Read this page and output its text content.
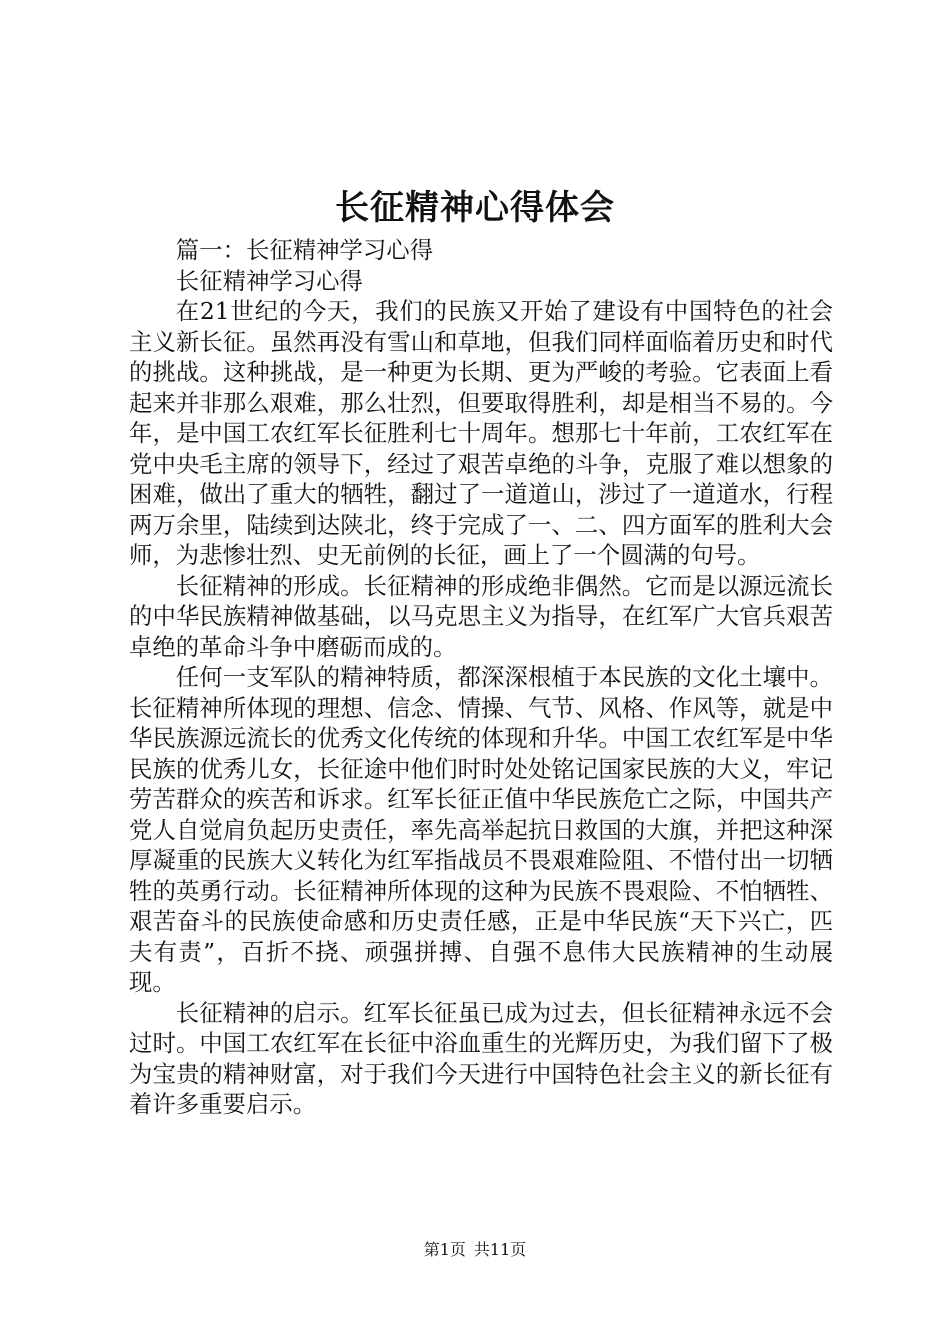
长征精神心得体会

篇一：长征精神学习心得

长征精神学习心得

在21世纪的今天，我们的民族又开始了建设有中国特色的社会主义新长征。虽然再没有雪山和草地，但我们同样面临着历史和时代的挑战。这种挑战，是一种更为长期、更为严峻的考验。它表面上看起来并非那么艰难，那么壮烈，但要取得胜利，却是相当不易的。今年，是中国工农红军长征胜利七十周年。想那七十年前，工农红军在党中央毛主席的领导下，经过了艰苦卓绝的斗争，克服了难以想象的困难，做出了重大的牺牲，翻过了一道道山，涉过了一道道水，行程两万余里，陆续到达陕北，终于完成了一、二、四方面军的胜利大会师，为悲惨壮烈、史无前例的长征，画上了一个圆满的句号。

长征精神的形成。长征精神的形成绝非偶然。它而是以源远流长的中华民族精神做基础，以马克思主义为指导，在红军广大官兵艰苦卓绝的革命斗争中磨砺而成的。

任何一支军队的精神特质，都深深根植于本民族的文化土壤中。长征精神所体现的理想、信念、情操、气节、风格、作风等，就是中华民族源远流长的优秀文化传统的体现和升华。中国工农红军是中华民族的优秀儿女，长征途中他们时时处处铭记国家民族的大义，牢记劳苦群众的疾苦和诉求。红军长征正值中华民族危亡之际，中国共产党人自觉肩负起历史责任，率先高举起抗日救国的大旗，并把这种深厚凝重的民族大义转化为红军指战员不畏艰难险阻、不惜付出一切牺牲的英勇行动。长征精神所体现的这种为民族不畏艰险、不怕牺牲、艰苦奋斗的民族使命感和历史责任感，正是中华民族“天下兴亡，匹夫有责”，百折不挠、顽强拼搏、自强不息伟大民族精神的生动展现。

长征精神的启示。红军长征虽已成为过去，但长征精神永远不会过时。中国工农红军在长征中浴血重生的光辉历史，为我们留下了极为宝贵的精神财富，对于我们今天进行中国特色社会主义的新长征有着许多重要启示。

第1页 共11页
